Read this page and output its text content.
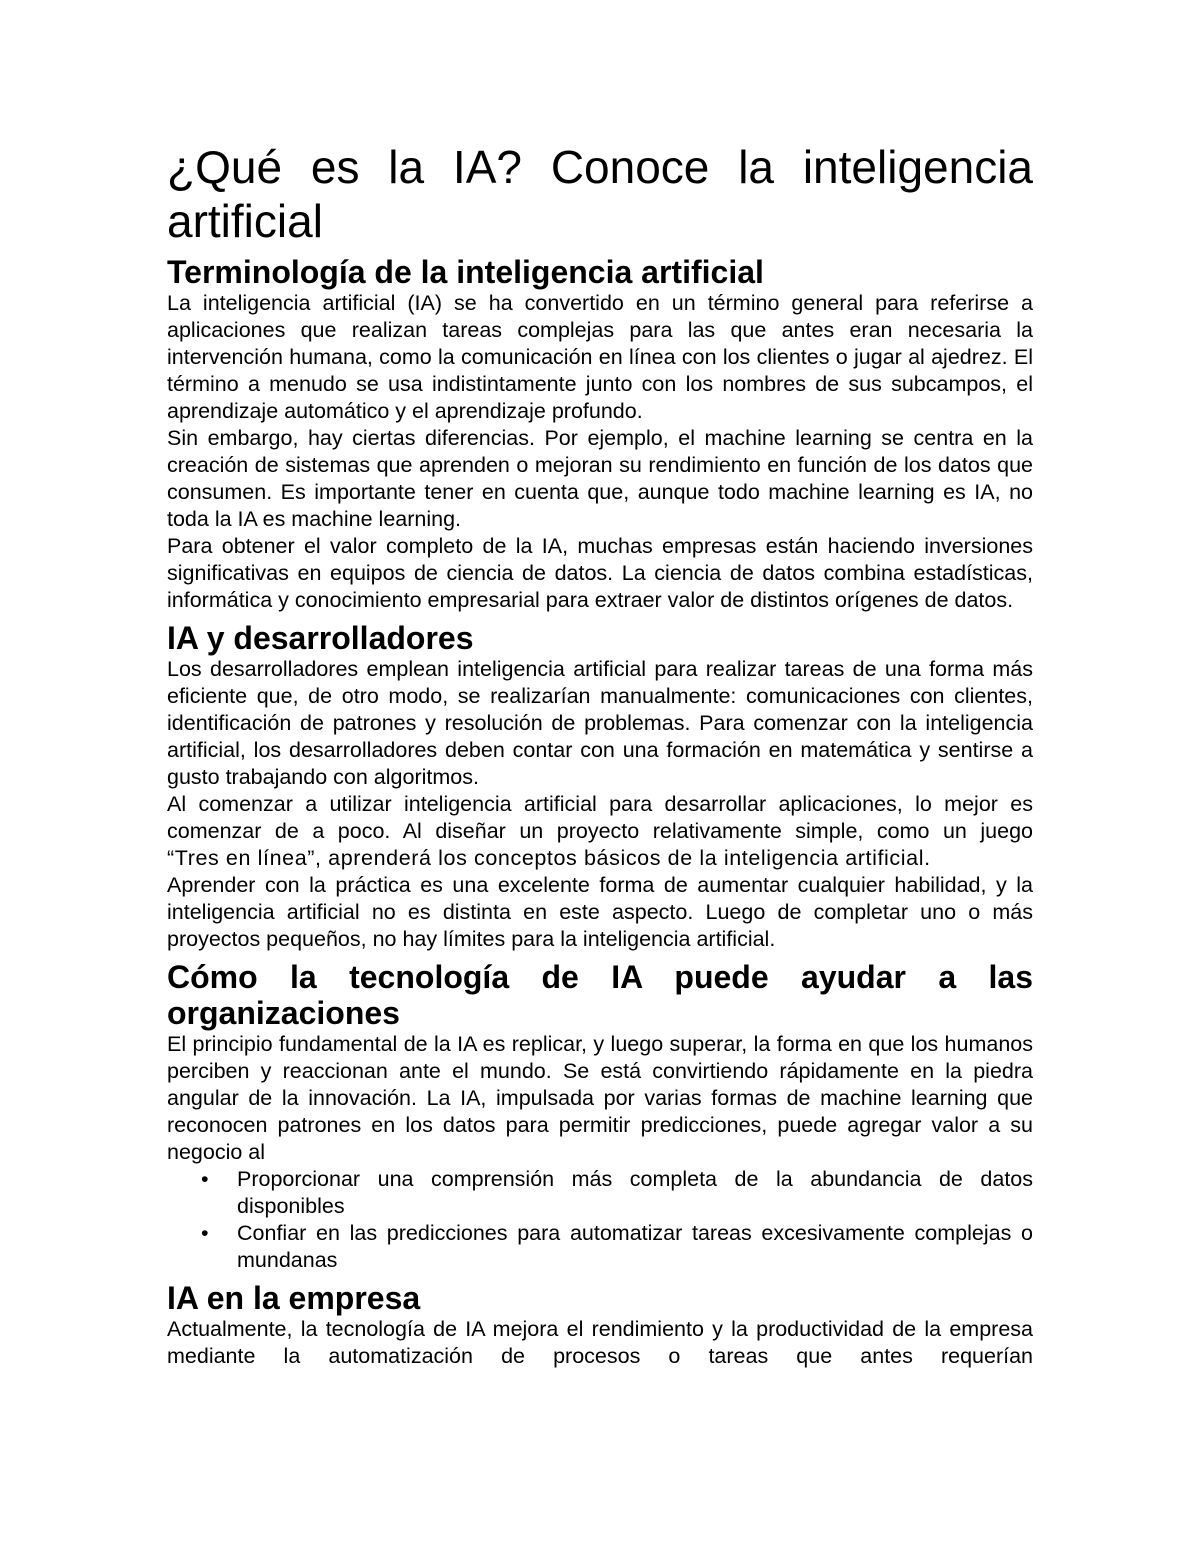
¿Qué es la IA? Conoce la inteligencia artificial
Terminología de la inteligencia artificial

La inteligencia artificial (IA) se ha convertido en un término general para referirse a aplicaciones que realizan tareas complejas para las que antes eran necesaria la intervención humana, como la comunicación en línea con los clientes o jugar al ajedrez. El término a menudo se usa indistintamente junto con los nombres de sus subcampos, el aprendizaje automático y el aprendizaje profundo.

Sin embargo, hay ciertas diferencias. Por ejemplo, el machine learning se centra en la creación de sistemas que aprenden o mejoran su rendimiento en función de los datos que consumen. Es importante tener en cuenta que, aunque todo machine learning es IA, no toda la IA es machine learning.

Para obtener el valor completo de la IA, muchas empresas están haciendo inversiones significativas en equipos de ciencia de datos. La ciencia de datos combina estadísticas, informática y conocimiento empresarial para extraer valor de distintos orígenes de datos.

IA y desarrolladores

Los desarrolladores emplean inteligencia artificial para realizar tareas de una forma más eficiente que, de otro modo, se realizarían manualmente: comunicaciones con clientes, identificación de patrones y resolución de problemas. Para comenzar con la inteligencia artificial, los desarrolladores deben contar con una formación en matemática y sentirse a gusto trabajando con algoritmos.

Al comenzar a utilizar inteligencia artificial para desarrollar aplicaciones, lo mejor es comenzar de a poco. Al diseñar un proyecto relativamente simple, como un juego

“Tres en línea”, aprenderá los conceptos básicos de la inteligencia artificial.

Aprender con la práctica es una excelente forma de aumentar cualquier habilidad, y la inteligencia artificial no es distinta en este aspecto. Luego de completar uno o más proyectos pequeños, no hay límites para la inteligencia artificial.

Cómo la tecnología de IA puede ayudar a las
organizaciones

El principio fundamental de la IA es replicar, y luego superar, la forma en que los humanos perciben y reaccionan ante el mundo. Se está convirtiendo rápidamente en la piedra angular de la innovación. La IA, impulsada por varias formas de machine learning que reconocen patrones en los datos para permitir predicciones, puede agregar valor a su negocio al

• Proporcionar una comprensión más completa de la abundancia de datos disponibles
• Confiar en las predicciones para automatizar tareas excesivamente complejas o mundanas
IA en la empresa

Actualmente, la tecnología de IA mejora el rendimiento y la productividad de la empresa mediante la automatización de procesos o tareas que antes requerían
